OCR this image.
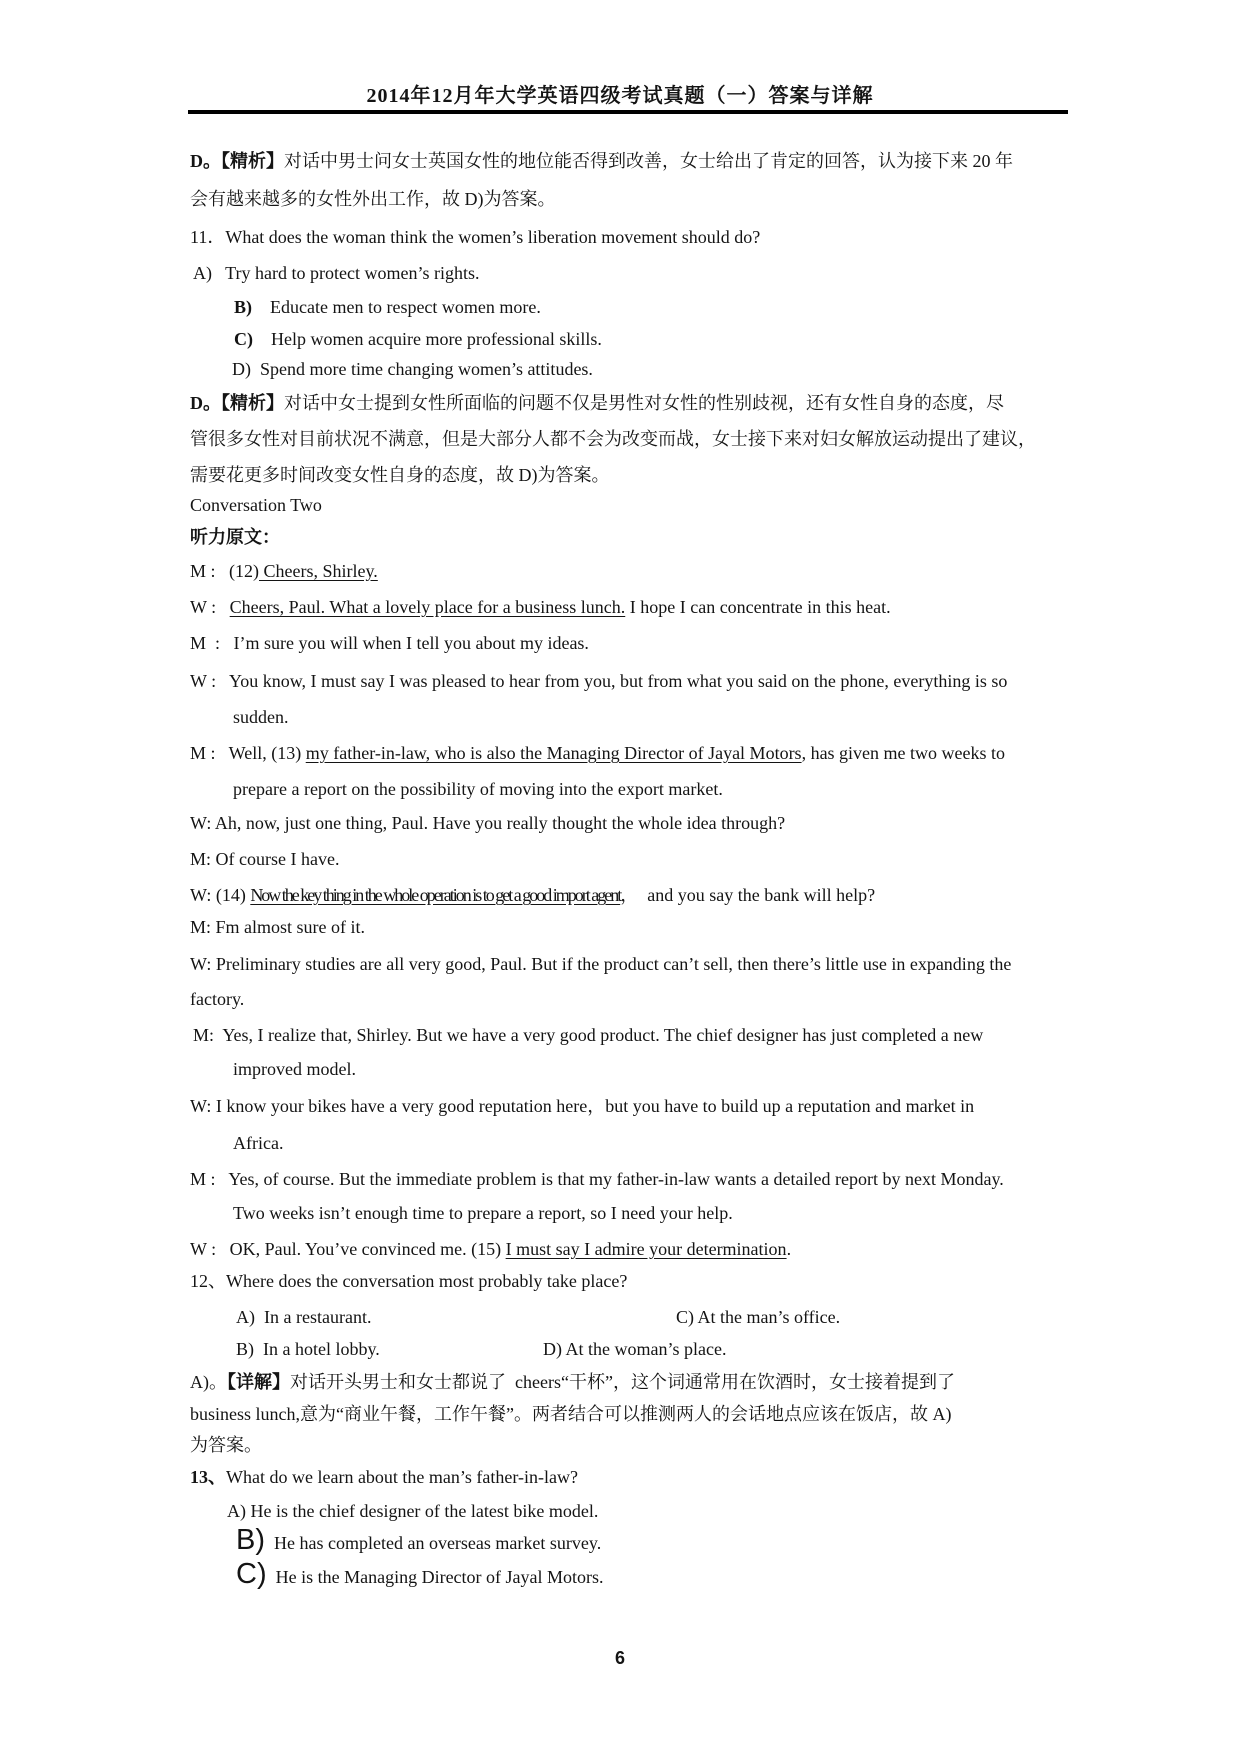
2014年12月年大学英语四级考试真题（一）答案与详解
D。【精析】对话中男士问女士英国女性的地位能否得到改善，女士给出了肯定的回答，认为接下来 20 年
会有越来越多的女性外出工作，故 D)为答案。
11．What does the woman think the women’s liberation movement should do?
A)   Try hard to protect women’s rights.
B)    Educate men to respect women more.
C)    Help women acquire more professional skills.
D)  Spend more time changing women’s attitudes.
D。【精析】对话中女士提到女性所面临的问题不仅是男性对女性的性别歧视，还有女性自身的态度，尽
管很多女性对目前状况不满意，但是大部分人都不会为改变而战，女士接下来对妇女解放运动提出了建议，
需要花更多时间改变女性自身的态度，故 D)为答案。
Conversation Two
听力原文：
M :   (12) Cheers, Shirley.
W :   Cheers, Paul. What a lovely place for a business lunch. I hope I can concentrate in this heat.
M  :   I’m sure you will when I tell you about my ideas.
W :   You know, I must say I was pleased to hear from you, but from what you said on the phone, everything is so
sudden.
M :   Well, (13) my father-in-law, who is also the Managing Director of Jayal Motors, has given me two weeks to
prepare a report on the possibility of moving into the export market.
W: Ah, now, just one thing, Paul. Have you really thought the whole idea through?
M: Of course I have.
W: (14) Now the key thing in the whole operation is to get a good import agent，  and you say the bank will help?
M: Fm almost sure of it.
W: Preliminary studies are all very good, Paul. But if the product can’t sell, then there’s little use in expanding the
factory.
M:  Yes, I realize that, Shirley. But we have a very good product. The chief designer has just completed a new
improved model.
W: I know your bikes have a very good reputation here，but you have to build up a reputation and market in
Africa.
M :   Yes, of course. But the immediate problem is that my father-in-law wants a detailed report by next Monday.
Two weeks isn’t enough time to prepare a report, so I need your help.
W :   OK, Paul. You’ve convinced me. (15) I must say I admire your determination.
12、Where does the conversation most probably take place?
A)  In a restaurant.	C) At the man’s office.
B)  In a hotel lobby.	D) At the woman’s place.
A)。【详解】对话开头男士和女士都说了  cheers“干杯”，这个词通常用在饮酒时，女士接着提到了
business lunch,意为“商业午餐，工作午餐”。两者结合可以推测两人的会话地点应该在饭店，故 A)
为答案。
13、What do we learn about the man’s father-in-law?
A) He is the chief designer of the latest bike model.
B)  He has completed an overseas market survey.
C)  He is the Managing Director of Jayal Motors.
6
